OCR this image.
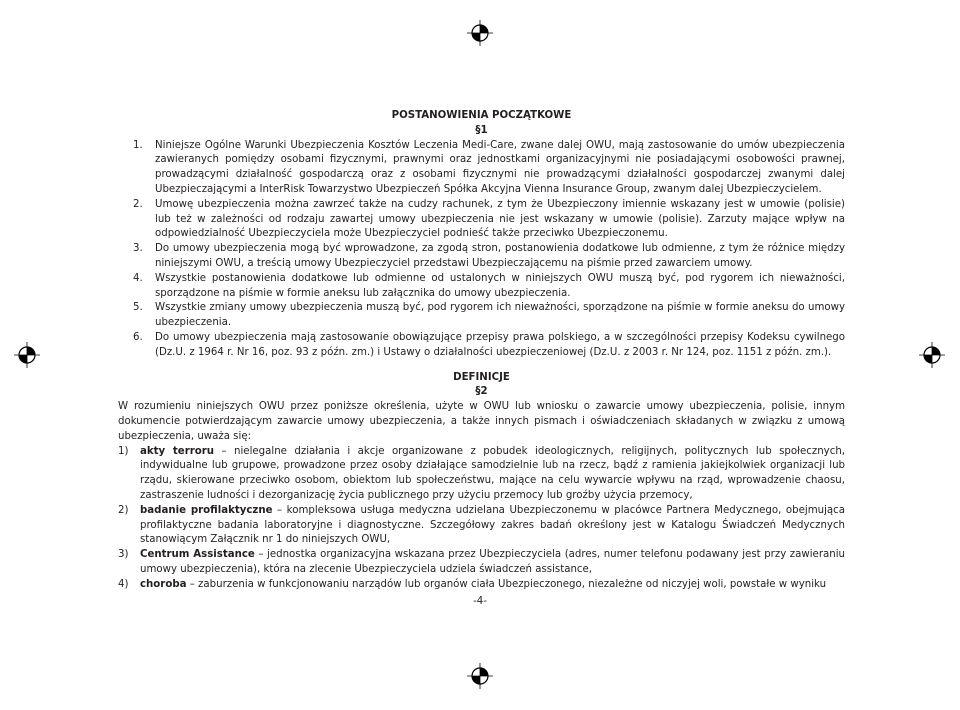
POSTANOWIENIA POCZĄTKOWE

§1

1.	Niniejsze Ogólne Warunki Ubezpieczenia Kosztów Leczenia Medi-Care, zwane dalej OWU, mają zastosowanie do umów ubezpieczenia zawieranych pomiędzy osobami fizycznymi, prawnymi oraz jednostkami organizacyjnymi nie posiadającymi osobowości prawnej, prowadzącymi działalność gospodarczą oraz z osobami fizycznymi nie prowadzącymi działalności gospodarczej zwanymi dalej Ubezpieczającymi a InterRisk Towarzystwo Ubezpieczeń Spółka Akcyjna Vienna Insurance Group, zwanym dalej Ubezpieczycielem.
2.	Umowę ubezpieczenia można zawrzeć także na cudzy rachunek, z tym że Ubezpieczony imiennie wskazany jest w umowie (polisie) lub też w zależności od rodzaju zawartej umowy ubezpieczenia nie jest wskazany w umowie (polisie). Zarzuty mające wpływ na odpowiedzialność Ubezpieczyciela może Ubezpieczyciel podnieść także przeciwko Ubezpieczonemu.
3.	Do umowy ubezpieczenia mogą być wprowadzone, za zgodą stron, postanowienia dodatkowe lub odmienne, z tym że różnice między niniejszymi OWU, a treścią umowy Ubezpieczyciel przedstawi Ubezpieczającemu na piśmie przed zawarciem umowy.
4.	Wszystkie postanowienia dodatkowe lub odmienne od ustalonych w niniejszych OWU muszą być, pod rygorem ich nieważności, sporządzone na piśmie w formie aneksu lub załącznika do umowy ubezpieczenia.
5.	Wszystkie zmiany umowy ubezpieczenia muszą być, pod rygorem ich nieważności, sporządzone na piśmie w formie aneksu do umowy ubezpieczenia.
6.	Do umowy ubezpieczenia mają zastosowanie obowiązujące przepisy prawa polskiego, a w szczególności przepisy Kodeksu cywilnego (Dz.U. z 1964 r. Nr 16, poz. 93 z późn. zm.) i Ustawy o działalności ubezpieczeniowej (Dz.U. z 2003 r. Nr 124, poz. 1151 z późn. zm.).

DEFINICJE

§2

W rozumieniu niniejszych OWU przez poniższe określenia, użyte w OWU lub wniosku o zawarcie umowy ubezpieczenia, polisie, innym dokumencie potwierdzającym zawarcie umowy ubezpieczenia, a także innych pismach i oświadczeniach składanych w związku z umową ubezpieczenia, uważa się:

1)	akty terroru – nielegalne działania i akcje organizowane z pobudek ideologicznych, religijnych, politycznych lub społecznych, indywidualne lub grupowe, prowadzone przez osoby działające samodzielnie lub na rzecz, bądź z ramienia jakiejkolwiek organizacji lub rządu, skierowane przeciwko osobom, obiektom lub społeczeństwu, mające na celu wywarcie wpływu na rząd, wprowadzenie chaosu, zastraszenie ludności i dezorganizację życia publicznego przy użyciu przemocy lub groźby użycia przemocy,
2)	badanie profilaktyczne – kompleksowa usługa medyczna udzielana Ubezpieczonemu w placówce Partnera Medycznego, obejmująca profilaktyczne badania laboratoryjne i diagnostyczne. Szczegółowy zakres badań określony jest w Katalogu Świadczeń Medycznych stanowiącym Załącznik nr 1 do niniejszych OWU,
3)	Centrum Assistance – jednostka organizacyjna wskazana przez Ubezpieczyciela (adres, numer telefonu podawany jest przy zawieraniu umowy ubezpieczenia), która na zlecenie Ubezpieczyciela udziela świadczeń assistance,
4)	choroba – zaburzenia w funkcjonowaniu narządów lub organów ciała Ubezpieczonego, niezależne od niczyjej woli, powstałe w wyniku
-4-
